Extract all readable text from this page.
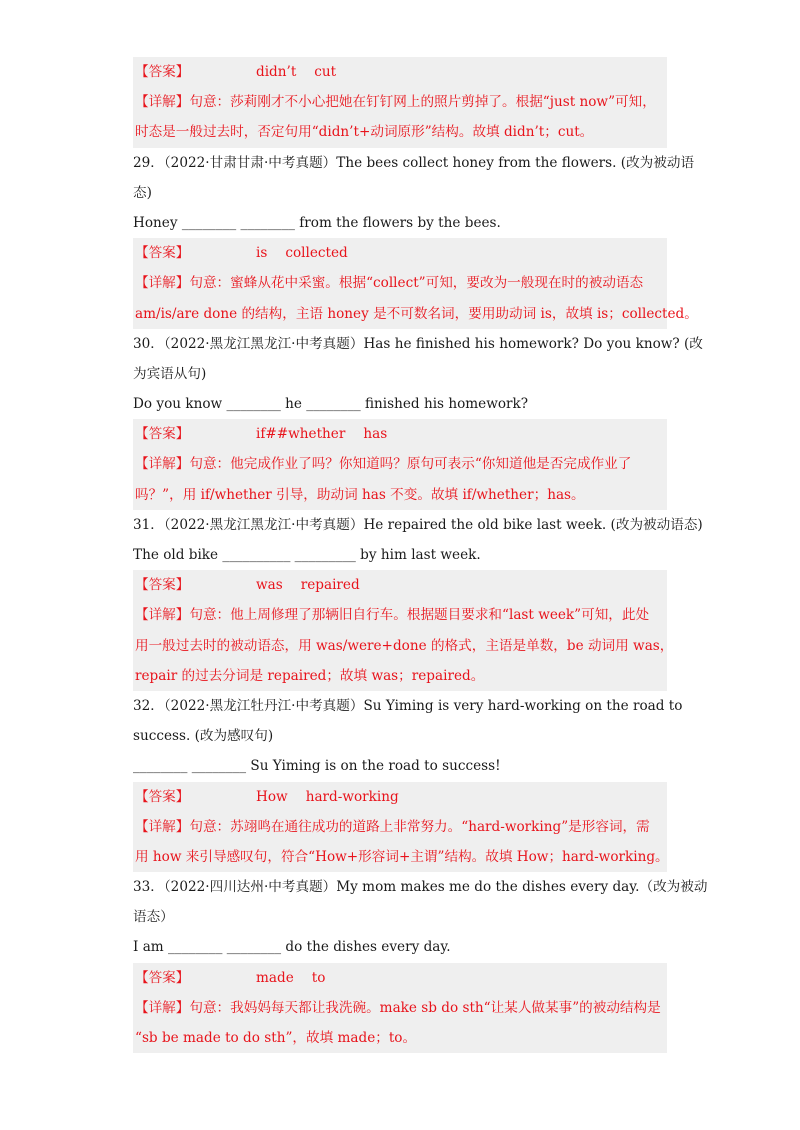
【答案】	didn’t cut
【详解】句意：莎莉刚才不小心把她在钉钉网上的照片剪掉了。根据“just now”可知，
时态是一般过去时，否定句用“didn’t+动词原形”结构。故填 didn’t；cut。
29．（2022·甘肃甘肃·中考真题）The bees collect honey from the flowers. (改为被动语
态)
Honey ________ ________ from the flowers by the bees.
【答案】	is collected
【详解】句意：蜜蜂从花中采蜜。根据“collect”可知，要改为一般现在时的被动语态
am/is/are done 的结构，主语 honey 是不可数名词，要用助动词 is，故填 is；collected。
30．（2022·黑龙江黑龙江·中考真题）Has he finished his homework? Do you know? (改
为宾语从句)
Do you know ________ he ________ finished his homework?
【答案】	if##whether has
【详解】句意：他完成作业了吗？你知道吗？原句可表示“你知道他是否完成作业了
吗？”，用 if/whether 引导，助动词 has 不变。故填 if/whether；has。
31．（2022·黑龙江黑龙江·中考真题）He repaired the old bike last week. (改为被动语态)
The old bike __________ _________ by him last week.
【答案】	was repaired
【详解】句意：他上周修理了那辆旧自行车。根据题目要求和“last week”可知，此处
用一般过去时的被动语态，用 was/were+done 的格式，主语是单数，be 动词用 was，
repair 的过去分词是 repaired；故填 was；repaired。
32．（2022·黑龙江牡丹江·中考真题）Su Yiming is very hard-working on the road to
success. (改为感叹句)
________ ________ Su Yiming is on the road to success!
【答案】	How hard-working
【详解】句意：苏翊鸣在通往成功的道路上非常努力。“hard-working”是形容词，需
用 how 来引导感叹句，符合“How+形容词+主谓”结构。故填 How；hard-working。
33．（2022·四川达州·中考真题）My mom makes me do the dishes every day.（改为被动
语态）
I am ________ ________ do the dishes every day.
【答案】	made to
【详解】句意：我妈妈每天都让我洗碗。make sb do sth“让某人做某事”的被动结构是
“sb be made to do sth”，故填 made；to。
